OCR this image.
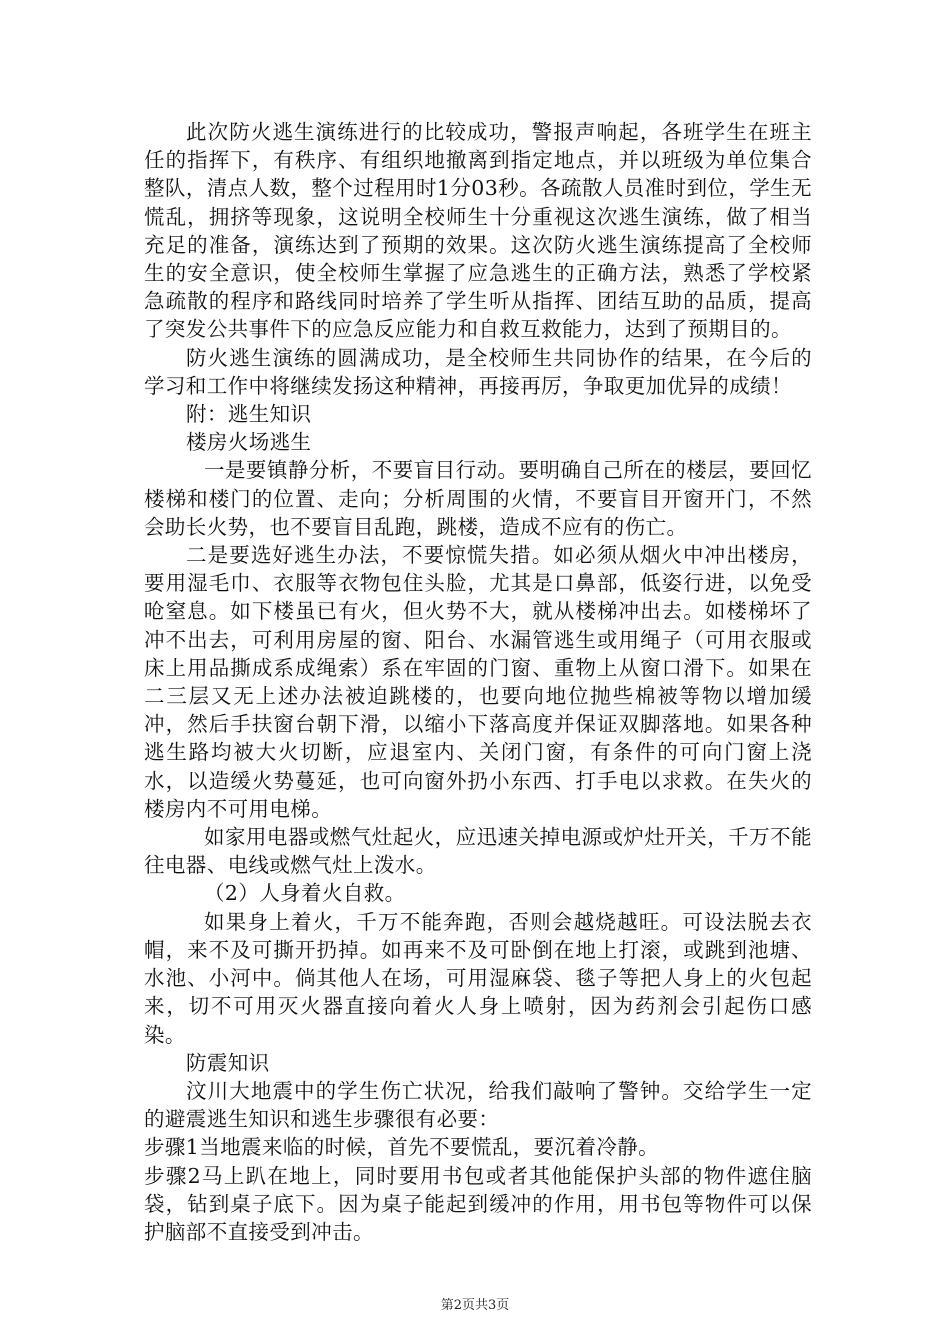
此次防火逃生演练进行的比较成功，警报声响起，各班学生在班主任的指挥下，有秩序、有组织地撤离到指定地点，并以班级为单位集合整队，清点人数，整个过程用时1分03秒。各疏散人员准时到位，学生无慌乱，拥挤等现象，这说明全校师生十分重视这次逃生演练，做了相当充足的准备，演练达到了预期的效果。这次防火逃生演练提高了全校师生的安全意识，使全校师生掌握了应急逃生的正确方法，熟悉了学校紧急疏散的程序和路线同时培养了学生听从指挥、团结互助的品质，提高了突发公共事件下的应急反应能力和自救互救能力，达到了预期目的。

防火逃生演练的圆满成功，是全校师生共同协作的结果，在今后的学习和工作中将继续发扬这种精神，再接再厉，争取更加优异的成绩！

附：逃生知识

楼房火场逃生

一是要镇静分析，不要盲目行动。要明确自己所在的楼层，要回忆楼梯和楼门的位置、走向；分析周围的火情，不要盲目开窗开门，不然会助长火势，也不要盲目乱跑，跳楼，造成不应有的伤亡。

二是要选好逃生办法，不要惊慌失措。如必须从烟火中冲出楼房，要用湿毛巾、衣服等衣物包住头脸，尤其是口鼻部，低姿行进，以免受呛窒息。如下楼虽已有火，但火势不大，就从楼梯冲出去。如楼梯坏了冲不出去，可利用房屋的窗、阳台、水漏管逃生或用绳子（可用衣服或床上用品撕成系成绳索）系在牢固的门窗、重物上从窗口滑下。如果在二三层又无上述办法被迫跳楼的，也要向地位抛些棉被等物以增加缓冲，然后手扶窗台朝下滑，以缩小下落高度并保证双脚落地。如果各种逃生路均被大火切断，应退室内、关闭门窗，有条件的可向门窗上浇水，以造缓火势蔓延，也可向窗外扔小东西、打手电以求救。在失火的楼房内不可用电梯。

如家用电器或燃气灶起火，应迅速关掉电源或炉灶开关，千万不能往电器、电线或燃气灶上泼水。

（2）人身着火自救。

如果身上着火，千万不能奔跑，否则会越烧越旺。可设法脱去衣帽，来不及可撕开扔掉。如再来不及可卧倒在地上打滚，或跳到池塘、水池、小河中。倘其他人在场，可用湿麻袋、毯子等把人身上的火包起来，切不可用灭火器直接向着火人身上喷射，因为药剂会引起伤口感染。

防震知识

汶川大地震中的学生伤亡状况，给我们敲响了警钟。交给学生一定的避震逃生知识和逃生步骤很有必要：

步骤1当地震来临的时候，首先不要慌乱，要沉着冷静。

步骤2马上趴在地上，同时要用书包或者其他能保护头部的物件遮住脑袋，钻到桌子底下。因为桌子能起到缓冲的作用，用书包等物件可以保护脑部不直接受到冲击。

第2页共3页
